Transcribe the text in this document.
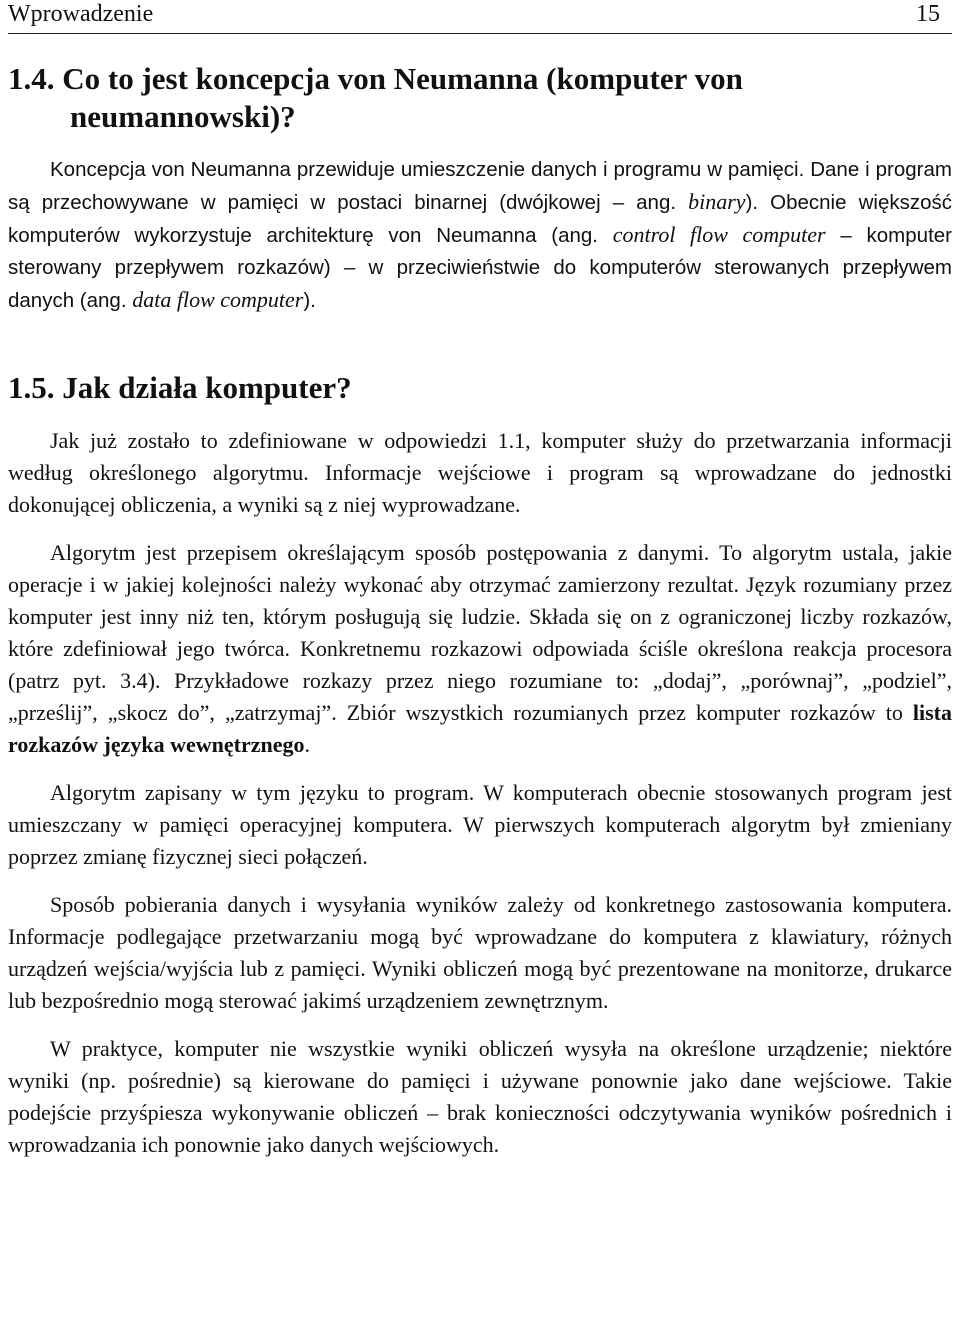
Wprowadzenie	15
1.4. Co to jest koncepcja von Neumanna (komputer von neumannowski)?

Koncepcja von Neumanna przewiduje umieszczenie danych i programu w pamięci. Dane i program są przechowywane w pamięci w postaci binarnej (dwójkowej – ang. binary). Obecnie większość komputerów wykorzystuje architekturę von Neumanna (ang. control flow computer – komputer sterowany przepływem rozkazów) – w przeciwieństwie do komputerów sterowanych przepływem danych (ang. data flow computer).

1.5. Jak działa komputer?

Jak już zostało to zdefiniowane w odpowiedzi 1.1, komputer służy do przetwarzania informacji według określonego algorytmu. Informacje wejściowe i program są wprowadzane do jednostki dokonującej obliczenia, a wyniki są z niej wyprowadzane.

Algorytm jest przepisem określającym sposób postępowania z danymi. To algorytm ustala, jakie operacje i w jakiej kolejności należy wykonać aby otrzymać zamierzony rezultat. Język rozumiany przez komputer jest inny niż ten, którym posługują się ludzie. Składa się on z ograniczonej liczby rozkazów, które zdefiniował jego twórca. Konkretnemu rozkazowi odpowiada ściśle określona reakcja procesora (patrz pyt. 3.4). Przykładowe rozkazy przez niego rozumiane to: „dodaj”, „porównaj”, „podziel”, „prześlij”, „skocz do”, „zatrzymaj”. Zbiór wszystkich rozumianych przez komputer rozkazów to lista rozkazów języka wewnętrznego.

Algorytm zapisany w tym języku to program. W komputerach obecnie stosowanych program jest umieszczany w pamięci operacyjnej komputera. W pierwszych komputerach algorytm był zmieniany poprzez zmianę fizycznej sieci połączeń.

Sposób pobierania danych i wysyłania wyników zależy od konkretnego zastosowania komputera. Informacje podlegające przetwarzaniu mogą być wprowadzane do komputera z klawiatury, różnych urządzeń wejścia/wyjścia lub z pamięci. Wyniki obliczeń mogą być prezentowane na monitorze, drukarce lub bezpośrednio mogą sterować jakimś urządzeniem zewnętrznym.

W praktyce, komputer nie wszystkie wyniki obliczeń wysyła na określone urządzenie; niektóre wyniki (np. pośrednie) są kierowane do pamięci i używane ponownie jako dane wejściowe. Takie podejście przyśpiesza wykonywanie obliczeń – brak konieczności odczytywania wyników pośrednich i wprowadzania ich ponownie jako danych wejściowych.
